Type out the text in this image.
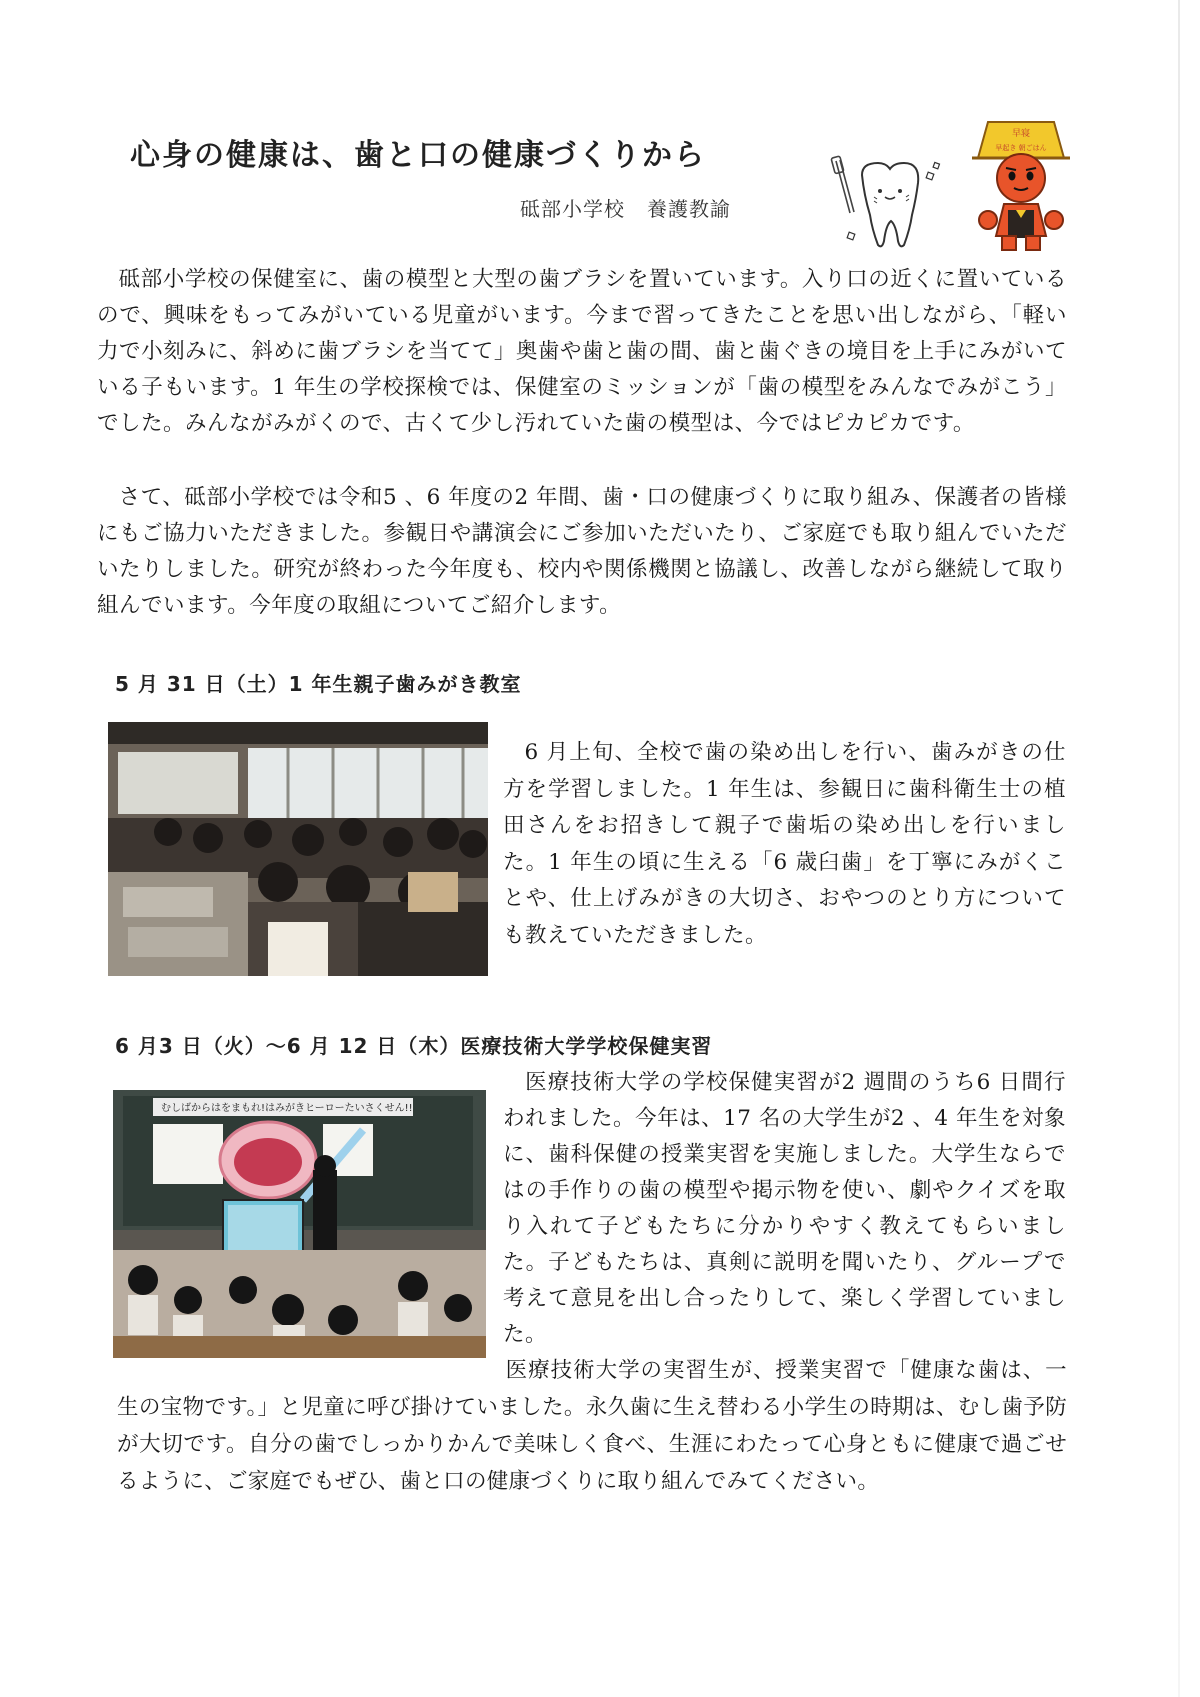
心身の健康は、歯と口の健康づくりから
砥部小学校 養護教諭
早寝
早起き 朝ごはん

砥部小学校の保健室に、歯の模型と大型の歯ブラシを置いています。入り口の近くに置いているので、興味をもってみがいている児童がいます。今まで習ってきたことを思い出しながら、「軽い力で小刻みに、斜めに歯ブラシを当てて」奥歯や歯と歯の間、歯と歯ぐきの境目を上手にみがいている子もいます。1 年生の学校探検では、保健室のミッションが「歯の模型をみんなでみがこう」でした。みんながみがくので、古くて少し汚れていた歯の模型は、今ではピカピカです。

さて、砥部小学校では令和5 、6 年度の2 年間、歯・口の健康づくりに取り組み、保護者の皆様にもご協力いただきました。参観日や講演会にご参加いただいたり、ご家庭でも取り組んでいただいたりしました。研究が終わった今年度も、校内や関係機関と協議し、改善しながら継続して取り組んでいます。今年度の取組についてご紹介します。

5 月 31 日（土）1 年生親子歯みがき教室

6 月上旬、全校で歯の染め出しを行い、歯みがきの仕方を学習しました。1 年生は、参観日に歯科衛生士の植田さんをお招きして親子で歯垢の染め出しを行いました。1 年生の頃に生える「6 歳臼歯」を丁寧にみがくことや、仕上げみがきの大切さ、おやつのとり方についても教えていただきました。

6 月3 日（火）～6 月 12 日（木）医療技術大学学校保健実習
むしばからはをまもれ!はみがきヒーローたいさくせん!!

医療技術大学の学校保健実習が2 週間のうち6 日間行われました。今年は、17 名の大学生が2 、4 年生を対象に、歯科保健の授業実習を実施しました。大学生ならではの手作りの歯の模型や掲示物を使い、劇やクイズを取り入れて子どもたちに分かりやすく教えてもらいました。子どもたちは、真剣に説明を聞いたり、グループで考えて意見を出し合ったりして、楽しく学習していました。

医療技術大学の実習生が、授業実習で「健康な歯は、一生の宝物です。」と児童に呼び掛けていました。永久歯に生え替わる小学生の時期は、むし歯予防が大切です。自分の歯でしっかりかんで美味しく食べ、生涯にわたって心身ともに健康で過ごせるように、ご家庭でもぜひ、歯と口の健康づくりに取り組んでみてください。
